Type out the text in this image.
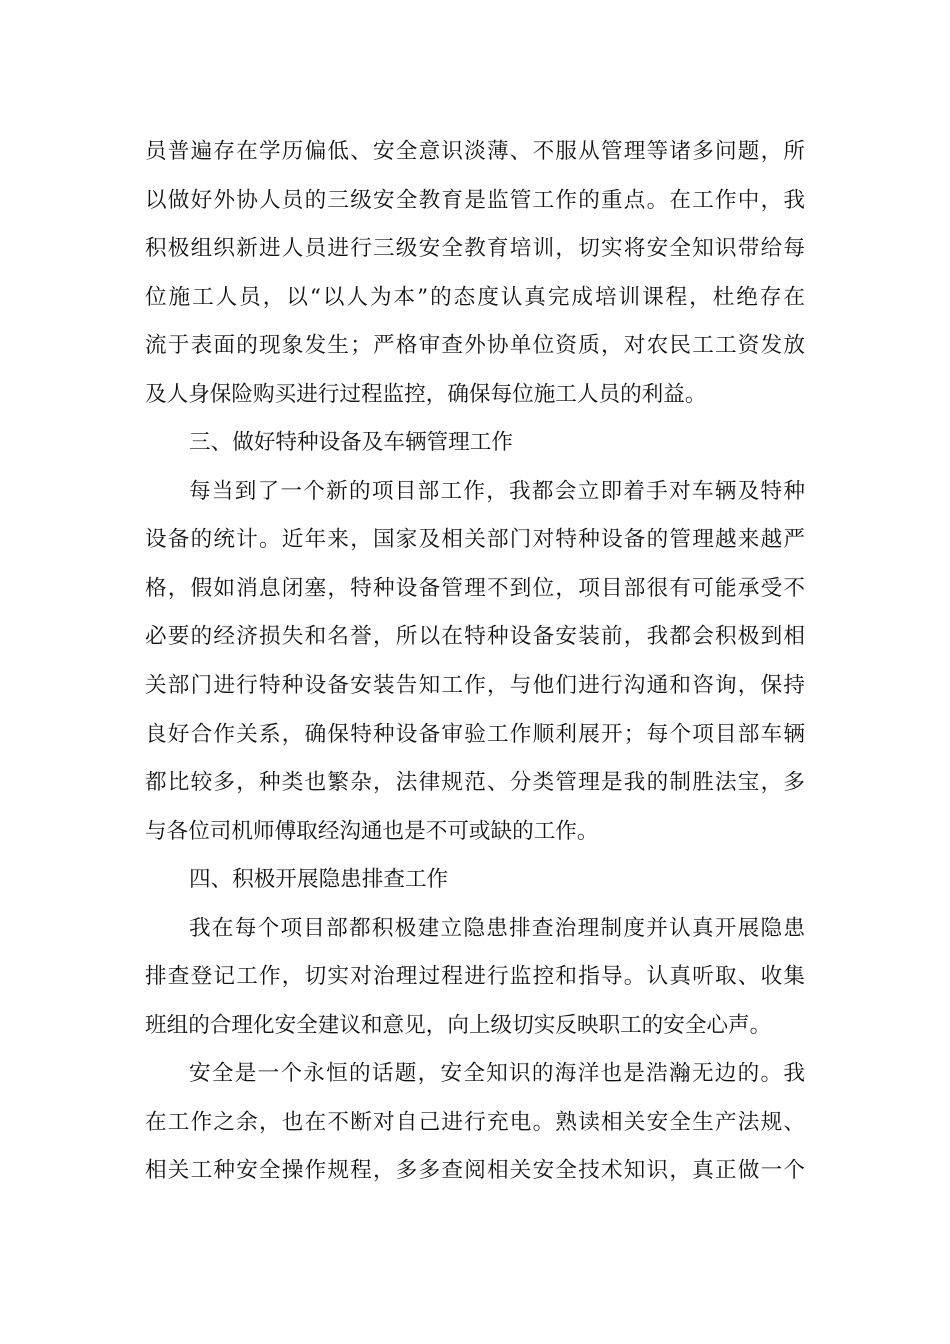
员普遍存在学历偏低、安全意识淡薄、不服从管理等诸多问题，所
以做好外协人员的三级安全教育是监管工作的重点。在工作中，我
积极组织新进人员进行三级安全教育培训，切实将安全知识带给每
位施工人员，以“以人为本”的态度认真完成培训课程，杜绝存在
流于表面的现象发生；严格审查外协单位资质，对农民工工资发放
及人身保险购买进行过程监控，确保每位施工人员的利益。
三、做好特种设备及车辆管理工作
每当到了一个新的项目部工作，我都会立即着手对车辆及特种
设备的统计。近年来，国家及相关部门对特种设备的管理越来越严
格，假如消息闭塞，特种设备管理不到位，项目部很有可能承受不
必要的经济损失和名誉，所以在特种设备安装前，我都会积极到相
关部门进行特种设备安装告知工作，与他们进行沟通和咨询，保持
良好合作关系，确保特种设备审验工作顺利展开；每个项目部车辆
都比较多，种类也繁杂，法律规范、分类管理是我的制胜法宝，多
与各位司机师傅取经沟通也是不可或缺的工作。
四、积极开展隐患排查工作
我在每个项目部都积极建立隐患排查治理制度并认真开展隐患
排查登记工作，切实对治理过程进行监控和指导。认真听取、收集
班组的合理化安全建议和意见，向上级切实反映职工的安全心声。
安全是一个永恒的话题，安全知识的海洋也是浩瀚无边的。我
在工作之余，也在不断对自己进行充电。熟读相关安全生产法规、
相关工种安全操作规程，多多查阅相关安全技术知识，真正做一个
